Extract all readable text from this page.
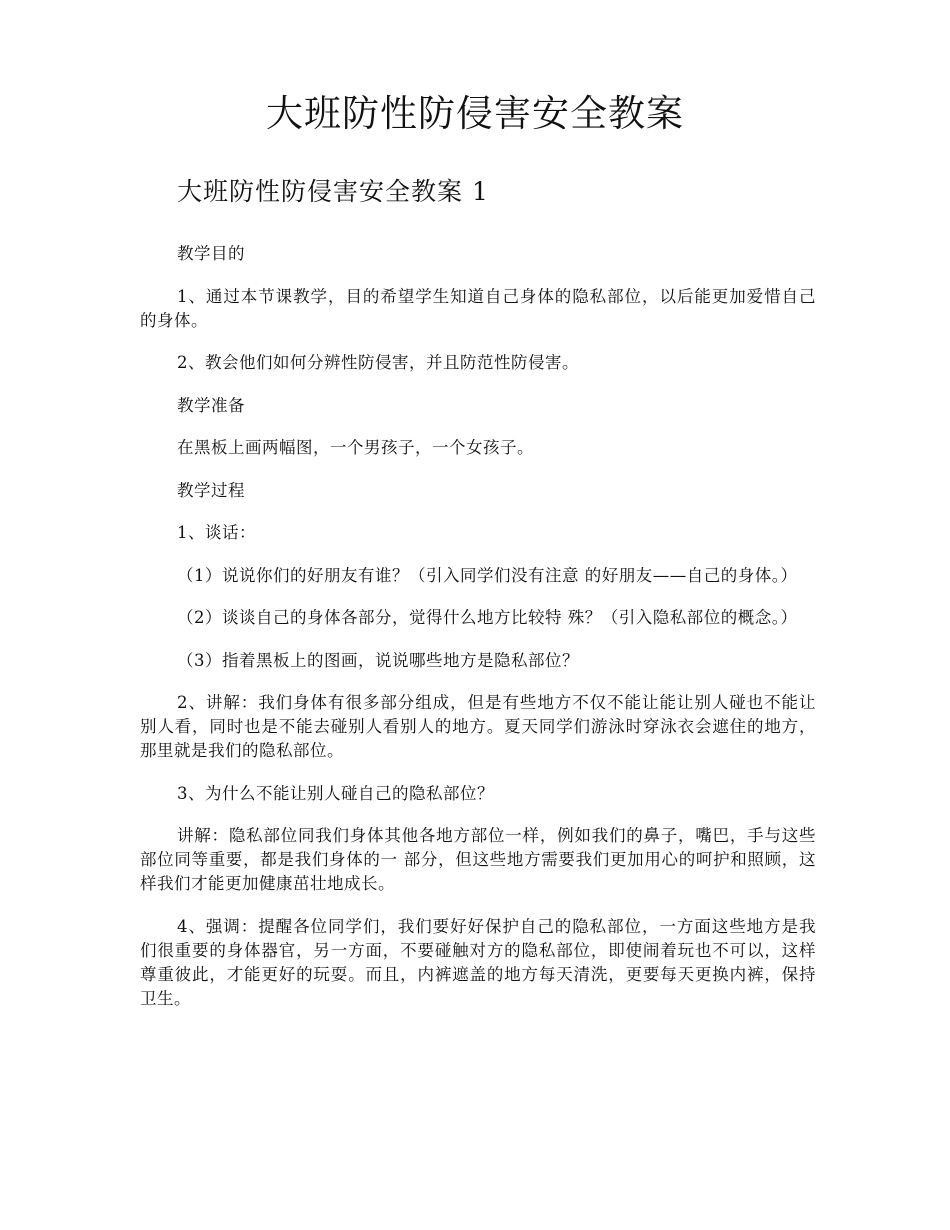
大班防性防侵害安全教案
大班防性防侵害安全教案 1

教学目的

1、通过本节课教学，目的希望学生知道自己身体的隐私部位，以后能更加爱惜自己的身体。

2、教会他们如何分辨性防侵害，并且防范性防侵害。

教学准备

在黑板上画两幅图，一个男孩子，一个女孩子。

教学过程

1、谈话：

（1）说说你们的好朋友有谁？（引入同学们没有注意 的好朋友——自己的身体。）

（2）谈谈自己的身体各部分，觉得什么地方比较特 殊？（引入隐私部位的概念。）

（3）指着黑板上的图画，说说哪些地方是隐私部位？

2、讲解：我们身体有很多部分组成，但是有些地方不仅不能让能让别人碰也不能让别人看，同时也是不能去碰别人看别人的地方。夏天同学们游泳时穿泳衣会遮住的地方，那里就是我们的隐私部位。

3、为什么不能让别人碰自己的隐私部位？

讲解：隐私部位同我们身体其他各地方部位一样，例如我们的鼻子，嘴巴，手与这些部位同等重要，都是我们身体的一 部分，但这些地方需要我们更加用心的呵护和照顾，这样我们才能更加健康茁壮地成长。

4、强调：提醒各位同学们，我们要好好保护自己的隐私部位，一方面这些地方是我们很重要的身体器官，另一方面，不要碰触对方的隐私部位，即使闹着玩也不可以，这样尊重彼此，才能更好的玩耍。而且，内裤遮盖的地方每天清洗，更要每天更换内裤，保持卫生。
